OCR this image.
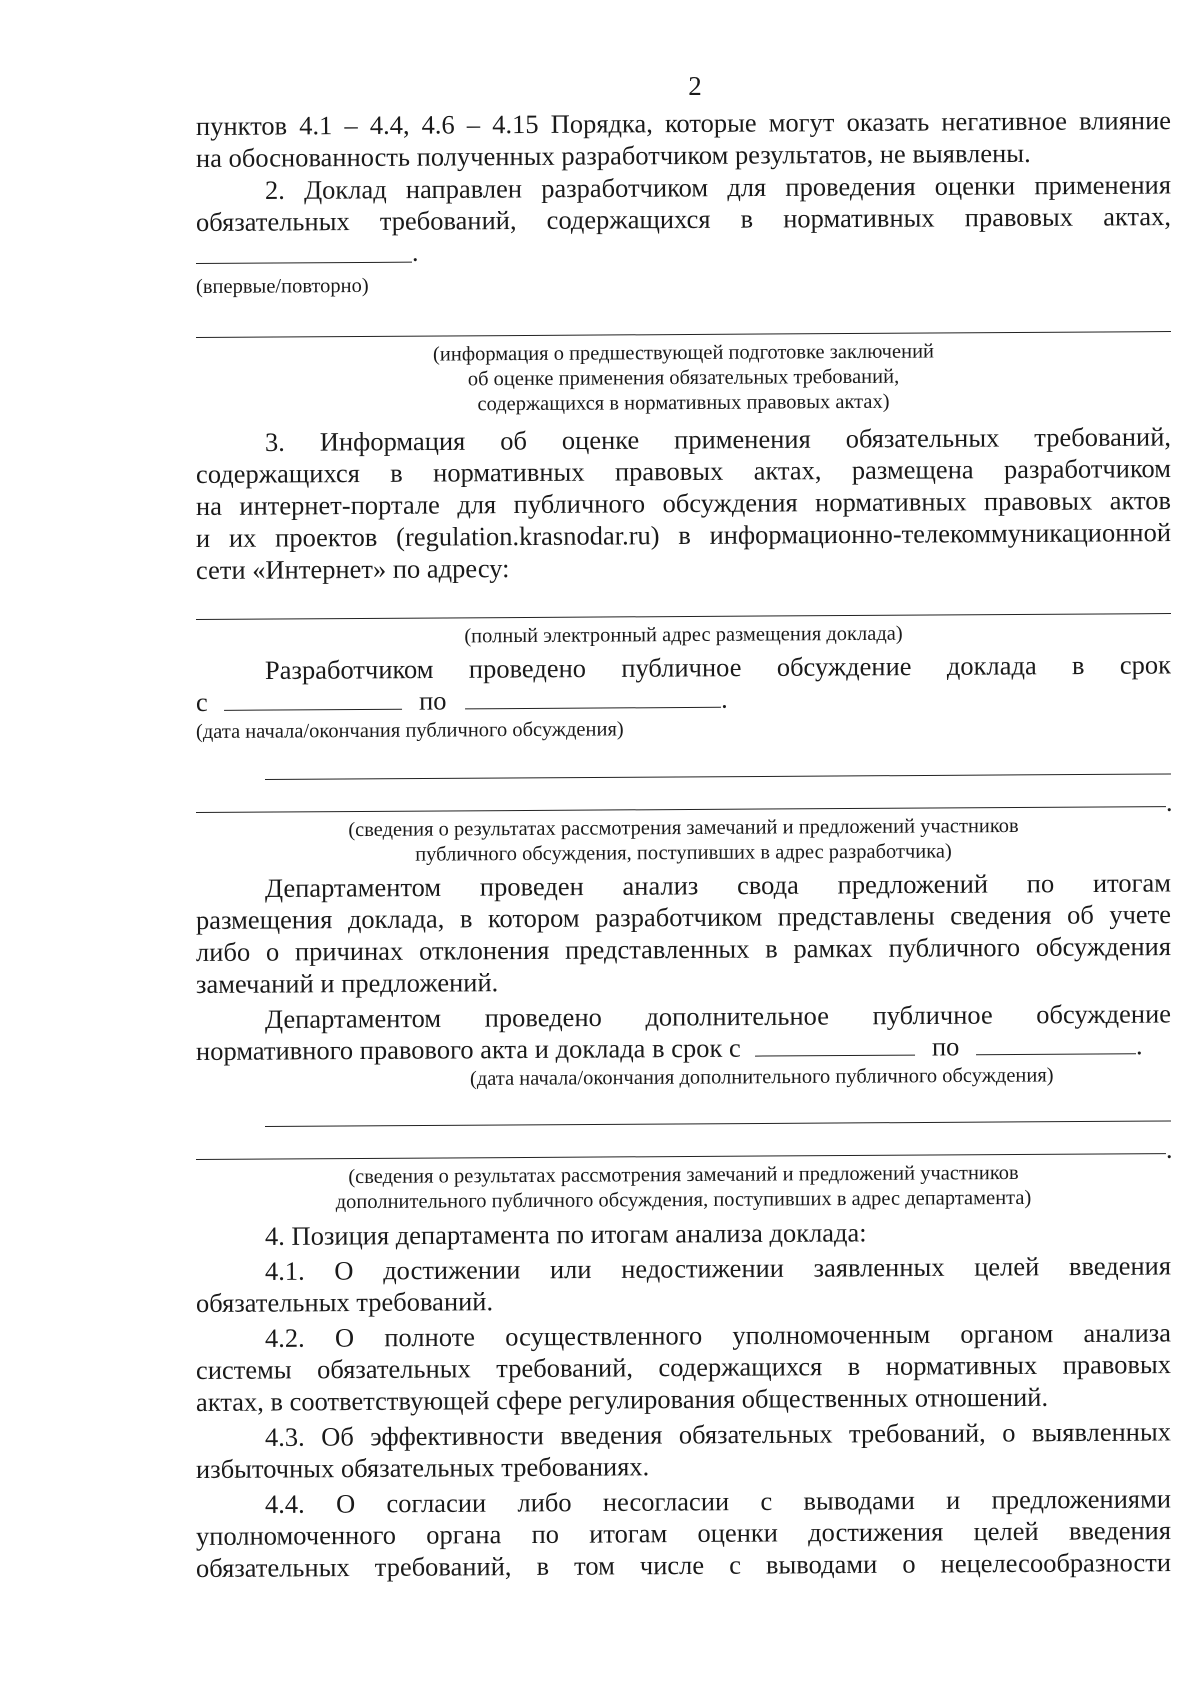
2
пунктов 4.1 – 4.4, 4.6 – 4.15 Порядка, которые могут оказать негативное влияние
на обоснованность полученных разработчиком результатов, не выявлены.
2. Доклад направлен разработчиком для проведения оценки применения
обязательных требований, содержащихся в нормативных правовых актах,
.
(впервые/повторно)
(информация о предшествующей подготовке заключений
об оценке применения обязательных требований,
содержащихся в нормативных правовых актах)
3. Информация об оценке применения обязательных требований,
содержащихся в нормативных правовых актах, размещена разработчиком
на интернет-портале для публичного обсуждения нормативных правовых актов
и их проектов (regulation.krasnodar.ru) в информационно-телекоммуникационной
сети «Интернет» по адресу:
(полный электронный адрес размещения доклада)
Разработчиком проведено публичное обсуждение доклада в срок
с	по	.
(дата начала/окончания публичного обсуждения)
.
(сведения о результатах рассмотрения замечаний и предложений участников
публичного обсуждения, поступивших в адрес разработчика)
Департаментом проведен анализ свода предложений по итогам
размещения доклада, в котором разработчиком представлены сведения об учете
либо о причинах отклонения представленных в рамках публичного обсуждения
замечаний и предложений.
Департаментом проведено дополнительное публичное обсуждение
нормативного правового акта и доклада в срок с	по	.
(дата начала/окончания дополнительного публичного обсуждения)
.
(сведения о результатах рассмотрения замечаний и предложений участников
дополнительного публичного обсуждения, поступивших в адрес департамента)
4. Позиция департамента по итогам анализа доклада:
4.1. О достижении или недостижении заявленных целей введения
обязательных требований.
4.2. О полноте осуществленного уполномоченным органом анализа
системы обязательных требований, содержащихся в нормативных правовых
актах, в соответствующей сфере регулирования общественных отношений.
4.3. Об эффективности введения обязательных требований, о выявленных
избыточных обязательных требованиях.
4.4. О согласии либо несогласии с выводами и предложениями
уполномоченного органа по итогам оценки достижения целей введения
обязательных требований, в том числе с выводами о нецелесообразности
